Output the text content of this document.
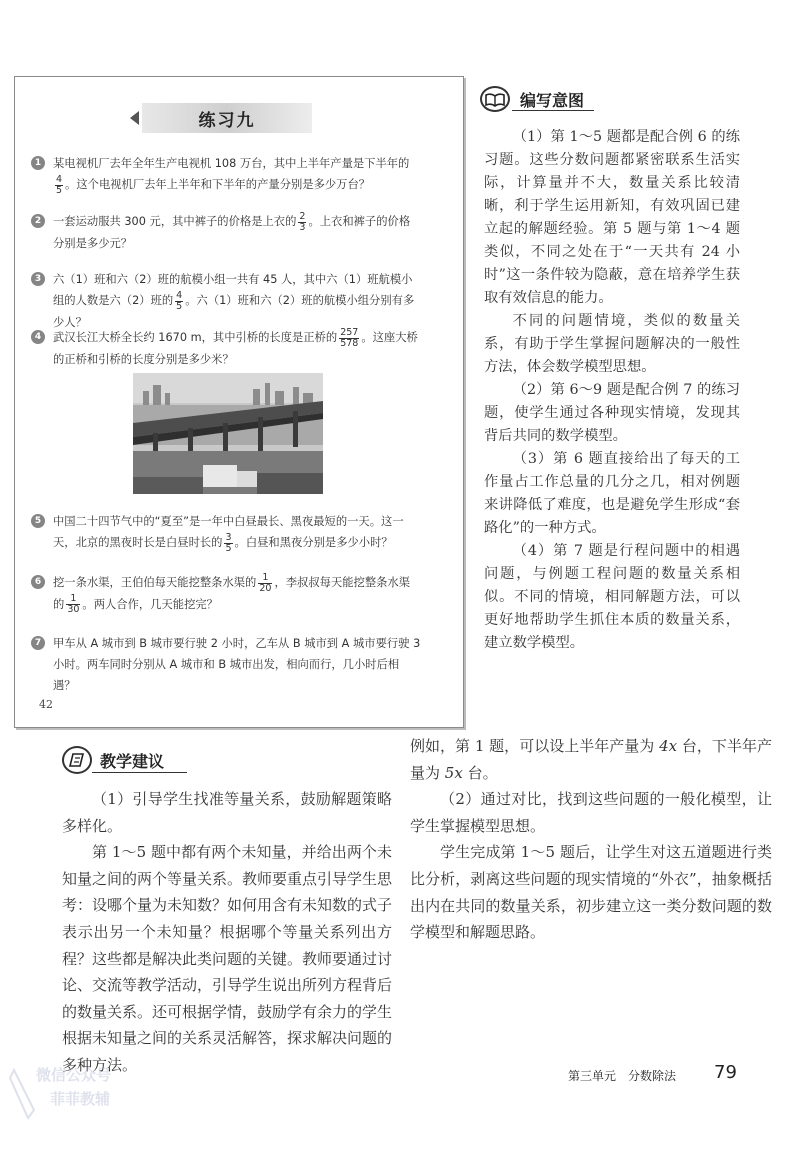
练习九
1	某电视机厂去年全年生产电视机 108 万台，其中上半年产量是下半年的
$\frac{4}{5}$ 。这个电视机厂去年上半年和下半年的产量分别是多少万台？
2	一套运动服共 300 元，其中裤子的价格是上衣的 $\frac{2}{3}$ 。上衣和裤子的价格分别是多少元？
3	六（1）班和六（2）班的航模小组一共有 45 人，其中六（1）班航模小组的人数是六（2）班的 $\frac{4}{5}$ 。六（1）班和六（2）班的航模小组分别有多少人？
4	武汉长江大桥全长约 1670 m，其中引桥的长度是正桥的 $\frac{257}{578}$ 。这座大桥的正桥和引桥的长度分别是多少米？
5	中国二十四节气中的“夏至”是一年中白昼最长、黑夜最短的一天。这一天，北京的黑夜时长是白昼时长的 $\frac{3}{5}$ 。白昼和黑夜分别是多少小时？
6	挖一条水渠，王伯伯每天能挖整条水渠的 $\frac{1}{20}$ ，李叔叔每天能挖整条水渠的 $\frac{1}{30}$ 。两人合作，几天能挖完？
7	甲车从 A 城市到 B 城市要行驶 2 小时，乙车从 B 城市到 A 城市要行驶 3 小时。两车同时分别从 A 城市和 B 城市出发，相向而行，几小时后相遇？
42
编写意图

（1）第 1～5 题都是配合例 6 的练习题。这些分数问题都紧密联系生活实际，计算量并不大，数量关系比较清晰，利于学生运用新知，有效巩固已建立起的解题经验。第 5 题与第 1～4 题类似，不同之处在于“一天共有 24 小时”这一条件较为隐蔽，意在培养学生获取有效信息的能力。

不同的问题情境，类似的数量关系，有助于学生掌握问题解决的一般性方法，体会数学模型思想。

（2）第 6～9 题是配合例 7 的练习题，使学生通过各种现实情境，发现其背后共同的数学模型。

（3）第 6 题直接给出了每天的工作量占工作总量的几分之几，相对例题来讲降低了难度，也是避免学生形成“套路化”的一种方式。

（4）第 7 题是行程问题中的相遇问题，与例题工程问题的数量关系相似。不同的情境，相同解题方法，可以更好地帮助学生抓住本质的数量关系，建立数学模型。

教学建议

（1）引导学生找准等量关系，鼓励解题策略多样化。

第 1～5 题中都有两个未知量，并给出两个未知量之间的两个等量关系。教师要重点引导学生思考：设哪个量为未知数？如何用含有未知数的式子表示出另一个未知量？根据哪个等量关系列出方程？这些都是解决此类问题的关键。教师要通过讨论、交流等教学活动，引导学生说出所列方程背后的数量关系。还可根据学情，鼓励学有余力的学生根据未知量之间的关系灵活解答，探求解决问题的多种方法。

例如，第 1 题，可以设上半年产量为 4x 台，下半年产量为 5x 台。

（2）通过对比，找到这些问题的一般化模型，让学生掌握模型思想。

学生完成第 1～5 题后，让学生对这五道题进行类比分析，剥离这些问题的现实情境的“外衣”，抽象概括出内在共同的数量关系，初步建立这一类分数问题的数学模型和解题思路。

第三单元　分数除法 79
微信公众号
菲菲教辅
